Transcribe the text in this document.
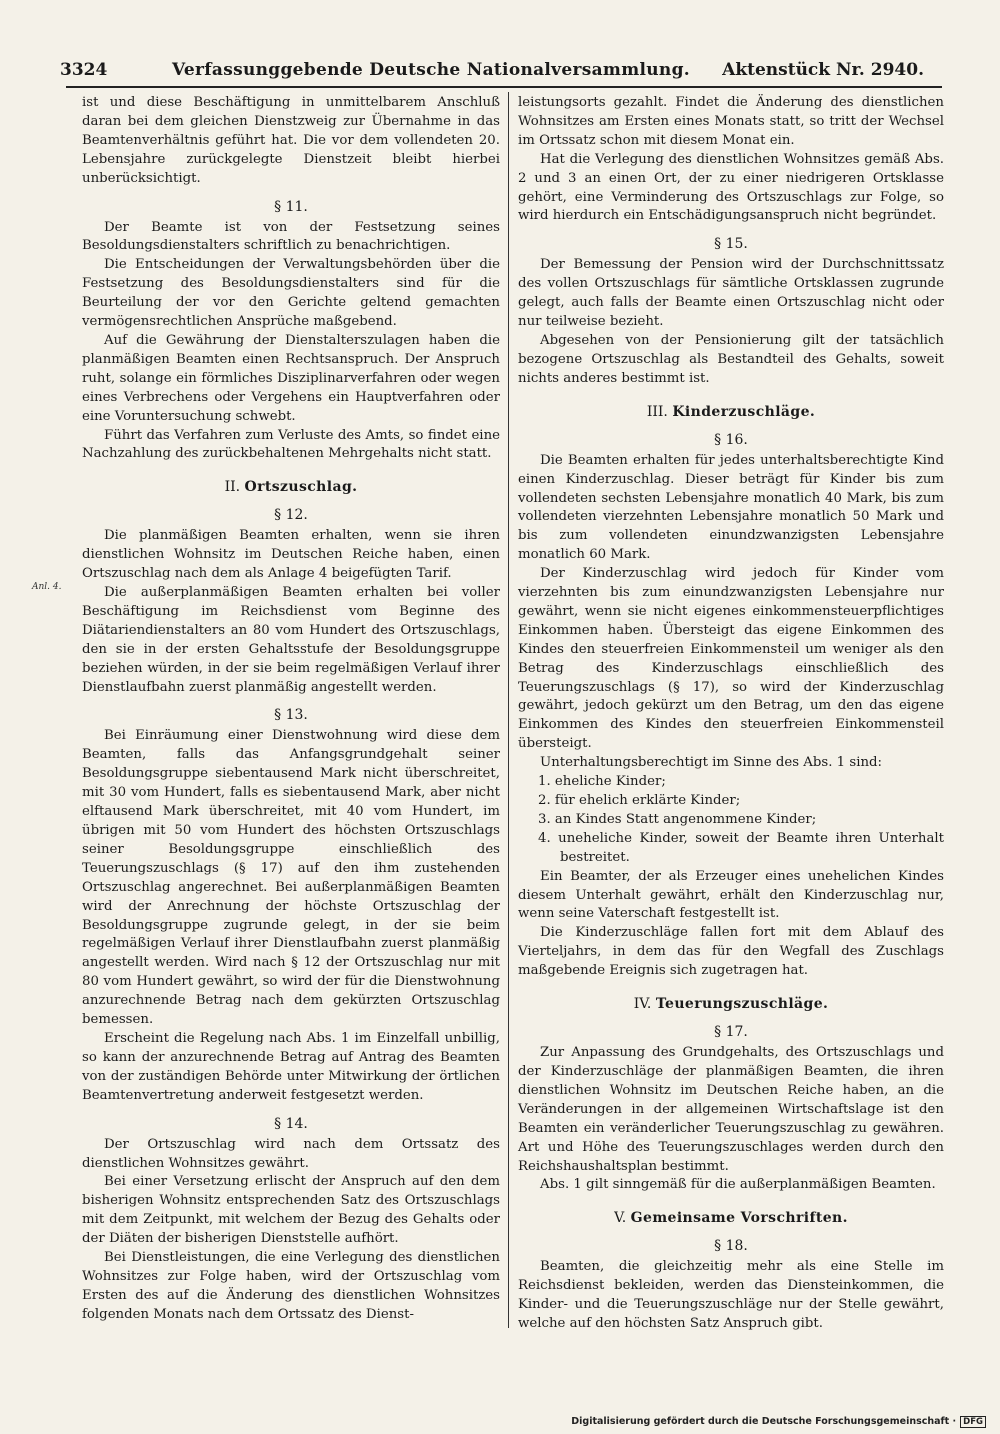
3324	Verfassunggebende Deutsche Nationalversammlung. Aktenstück Nr. 2940.
Anl. 4.

ist und diese Beschäftigung in unmittelbarem Anschluß daran bei dem gleichen Dienstzweig zur Übernahme in das Beamtenverhältnis geführt hat. Die vor dem vollendeten 20. Lebensjahre zurückgelegte Dienstzeit bleibt hierbei unberücksichtigt.

§ 11.

Der Beamte ist von der Festsetzung seines Besoldungsdienstalters schriftlich zu benachrichtigen.

Die Entscheidungen der Verwaltungsbehörden über die Festsetzung des Besoldungsdienstalters sind für die Beurteilung der vor den Gerichte geltend gemachten vermögensrechtlichen Ansprüche maßgebend.

Auf die Gewährung der Dienstalterszulagen haben die planmäßigen Beamten einen Rechtsanspruch. Der Anspruch ruht, solange ein förmliches Disziplinarverfahren oder wegen eines Verbrechens oder Vergehens ein Hauptverfahren oder eine Voruntersuchung schwebt.

Führt das Verfahren zum Verluste des Amts, so findet eine Nachzahlung des zurückbehaltenen Mehrgehalts nicht statt.

II. Ortszuschlag.
§ 12.

Die planmäßigen Beamten erhalten, wenn sie ihren dienstlichen Wohnsitz im Deutschen Reiche haben, einen Ortszuschlag nach dem als Anlage 4 beigefügten Tarif.

Die außerplanmäßigen Beamten erhalten bei voller Beschäftigung im Reichsdienst vom Beginne des Diätariendienstalters an 80 vom Hundert des Ortszuschlags, den sie in der ersten Gehaltsstufe der Besoldungsgruppe beziehen würden, in der sie beim regelmäßigen Verlauf ihrer Dienstlaufbahn zuerst planmäßig angestellt werden.

§ 13.

Bei Einräumung einer Dienstwohnung wird diese dem Beamten, falls das Anfangsgrundgehalt seiner Besoldungsgruppe siebentausend Mark nicht überschreitet, mit 30 vom Hundert, falls es siebentausend Mark, aber nicht elftausend Mark überschreitet, mit 40 vom Hundert, im übrigen mit 50 vom Hundert des höchsten Ortszuschlags seiner Besoldungsgruppe einschließlich des Teuerungszuschlags (§ 17) auf den ihm zustehenden Ortszuschlag angerechnet. Bei außerplanmäßigen Beamten wird der Anrechnung der höchste Ortszuschlag der Besoldungsgruppe zugrunde gelegt, in der sie beim regelmäßigen Verlauf ihrer Dienstlaufbahn zuerst planmäßig angestellt werden. Wird nach § 12 der Ortszuschlag nur mit 80 vom Hundert gewährt, so wird der für die Dienstwohnung anzurechnende Betrag nach dem gekürzten Ortszuschlag bemessen.

Erscheint die Regelung nach Abs. 1 im Einzelfall unbillig, so kann der anzurechnende Betrag auf Antrag des Beamten von der zuständigen Behörde unter Mitwirkung der örtlichen Beamtenvertretung anderweit festgesetzt werden.

§ 14.

Der Ortszuschlag wird nach dem Ortssatz des dienstlichen Wohnsitzes gewährt.

Bei einer Versetzung erlischt der Anspruch auf den dem bisherigen Wohnsitz entsprechenden Satz des Ortszuschlags mit dem Zeitpunkt, mit welchem der Bezug des Gehalts oder der Diäten der bisherigen Dienststelle aufhört.

Bei Dienstleistungen, die eine Verlegung des dienstlichen Wohnsitzes zur Folge haben, wird der Ortszuschlag vom Ersten des auf die Änderung des dienstlichen Wohnsitzes folgenden Monats nach dem Ortssatz des Dienst-

leistungsorts gezahlt. Findet die Änderung des dienstlichen Wohnsitzes am Ersten eines Monats statt, so tritt der Wechsel im Ortssatz schon mit diesem Monat ein.

Hat die Verlegung des dienstlichen Wohnsitzes gemäß Abs. 2 und 3 an einen Ort, der zu einer niedrigeren Ortsklasse gehört, eine Verminderung des Ortszuschlags zur Folge, so wird hierdurch ein Entschädigungsanspruch nicht begründet.

§ 15.

Der Bemessung der Pension wird der Durchschnittssatz des vollen Ortszuschlags für sämtliche Ortsklassen zugrunde gelegt, auch falls der Beamte einen Ortszuschlag nicht oder nur teilweise bezieht.

Abgesehen von der Pensionierung gilt der tatsächlich bezogene Ortszuschlag als Bestandteil des Gehalts, soweit nichts anderes bestimmt ist.

III. Kinderzuschläge.
§ 16.

Die Beamten erhalten für jedes unterhaltsberechtigte Kind einen Kinderzuschlag. Dieser beträgt für Kinder bis zum vollendeten sechsten Lebensjahre monatlich 40 Mark, bis zum vollendeten vierzehnten Lebensjahre monatlich 50 Mark und bis zum vollendeten einundzwanzigsten Lebensjahre monatlich 60 Mark.

Der Kinderzuschlag wird jedoch für Kinder vom vierzehnten bis zum einundzwanzigsten Lebensjahre nur gewährt, wenn sie nicht eigenes einkommensteuerpflichtiges Einkommen haben. Übersteigt das eigene Einkommen des Kindes den steuerfreien Einkommensteil um weniger als den Betrag des Kinderzuschlags einschließlich des Teuerungszuschlags (§ 17), so wird der Kinderzuschlag gewährt, jedoch gekürzt um den Betrag, um den das eigene Einkommen des Kindes den steuerfreien Einkommensteil übersteigt.

Unterhaltungsberechtigt im Sinne des Abs. 1 sind:

1. eheliche Kinder;

2. für ehelich erklärte Kinder;

3. an Kindes Statt angenommene Kinder;

4. uneheliche Kinder, soweit der Beamte ihren Unterhalt bestreitet.

Ein Beamter, der als Erzeuger eines unehelichen Kindes diesem Unterhalt gewährt, erhält den Kinderzuschlag nur, wenn seine Vaterschaft festgestellt ist.

Die Kinderzuschläge fallen fort mit dem Ablauf des Vierteljahrs, in dem das für den Wegfall des Zuschlags maßgebende Ereignis sich zugetragen hat.

IV. Teuerungszuschläge.
§ 17.

Zur Anpassung des Grundgehalts, des Ortszuschlags und der Kinderzuschläge der planmäßigen Beamten, die ihren dienstlichen Wohnsitz im Deutschen Reiche haben, an die Veränderungen in der allgemeinen Wirtschaftslage ist den Beamten ein veränderlicher Teuerungszuschlag zu gewähren. Art und Höhe des Teuerungszuschlages werden durch den Reichshaushaltsplan bestimmt.

Abs. 1 gilt sinngemäß für die außerplanmäßigen Beamten.

V. Gemeinsame Vorschriften.
§ 18.

Beamten, die gleichzeitig mehr als eine Stelle im Reichsdienst bekleiden, werden das Diensteinkommen, die Kinder- und die Teuerungszuschläge nur der Stelle gewährt, welche auf den höchsten Satz Anspruch gibt.

Digitalisierung gefördert durch die Deutsche Forschungsgemeinschaft · DFG
